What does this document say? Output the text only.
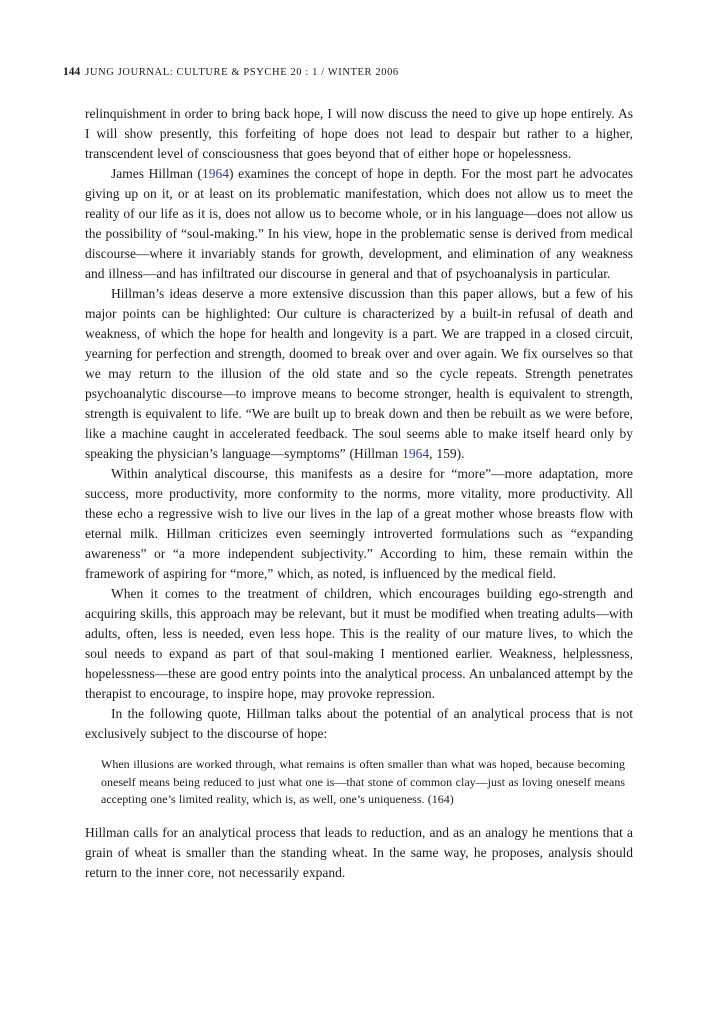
144 JUNG JOURNAL: CULTURE & PSYCHE 20 : 1 / WINTER 2006

relinquishment in order to bring back hope, I will now discuss the need to give up hope entirely. As I will show presently, this forfeiting of hope does not lead to despair but rather to a higher, transcendent level of consciousness that goes beyond that of either hope or hopelessness.

James Hillman (1964) examines the concept of hope in depth. For the most part he advocates giving up on it, or at least on its problematic manifestation, which does not allow us to meet the reality of our life as it is, does not allow us to become whole, or in his language—does not allow us the possibility of “soul-making.” In his view, hope in the problematic sense is derived from medical discourse—where it invariably stands for growth, development, and elimination of any weakness and illness—and has infiltrated our discourse in general and that of psychoanalysis in particular.

Hillman’s ideas deserve a more extensive discussion than this paper allows, but a few of his major points can be highlighted: Our culture is characterized by a built-in refusal of death and weakness, of which the hope for health and longevity is a part. We are trapped in a closed circuit, yearning for perfection and strength, doomed to break over and over again. We fix ourselves so that we may return to the illusion of the old state and so the cycle repeats. Strength penetrates psychoanalytic discourse—to improve means to become stronger, health is equivalent to strength, strength is equivalent to life. “We are built up to break down and then be rebuilt as we were before, like a machine caught in accelerated feedback. The soul seems able to make itself heard only by speaking the physician’s language—symptoms” (Hillman 1964, 159).

Within analytical discourse, this manifests as a desire for “more”—more adaptation, more success, more productivity, more conformity to the norms, more vitality, more productivity. All these echo a regressive wish to live our lives in the lap of a great mother whose breasts flow with eternal milk. Hillman criticizes even seemingly introverted formulations such as “expanding awareness” or “a more independent subjectivity.” According to him, these remain within the framework of aspiring for “more,” which, as noted, is influenced by the medical field.

When it comes to the treatment of children, which encourages building ego-strength and acquiring skills, this approach may be relevant, but it must be modified when treating adults—with adults, often, less is needed, even less hope. This is the reality of our mature lives, to which the soul needs to expand as part of that soul-making I mentioned earlier. Weakness, helplessness, hopelessness—these are good entry points into the analytical process. An unbalanced attempt by the therapist to encourage, to inspire hope, may provoke repression.

In the following quote, Hillman talks about the potential of an analytical process that is not exclusively subject to the discourse of hope:

When illusions are worked through, what remains is often smaller than what was hoped, because becoming oneself means being reduced to just what one is—that stone of common clay—just as loving oneself means accepting one’s limited reality, which is, as well, one’s uniqueness. (164)

Hillman calls for an analytical process that leads to reduction, and as an analogy he mentions that a grain of wheat is smaller than the standing wheat. In the same way, he proposes, analysis should return to the inner core, not necessarily expand.
